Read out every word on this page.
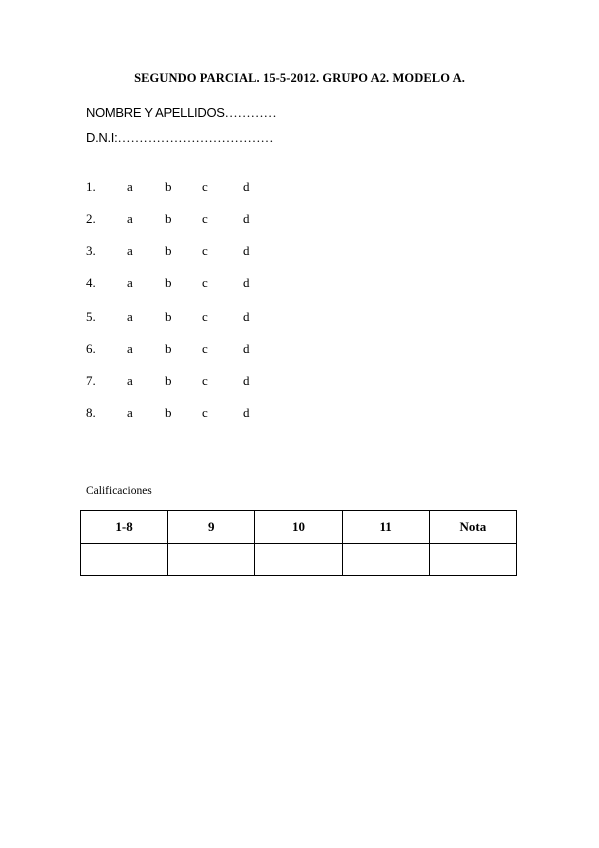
SEGUNDO PARCIAL. 15-5-2012. GRUPO A2. MODELO A.
NOMBRE Y APELLIDOS…………
D.N.I:………………………………
1.	a b c	d
2.	a b c	d
3.	a b c	d
4.	a b c	d
5.	a b c	d
6.	a b c	d
7.	a b c	d
8.	a b c	d
Calificaciones
1-8	9	10	11	Nota
